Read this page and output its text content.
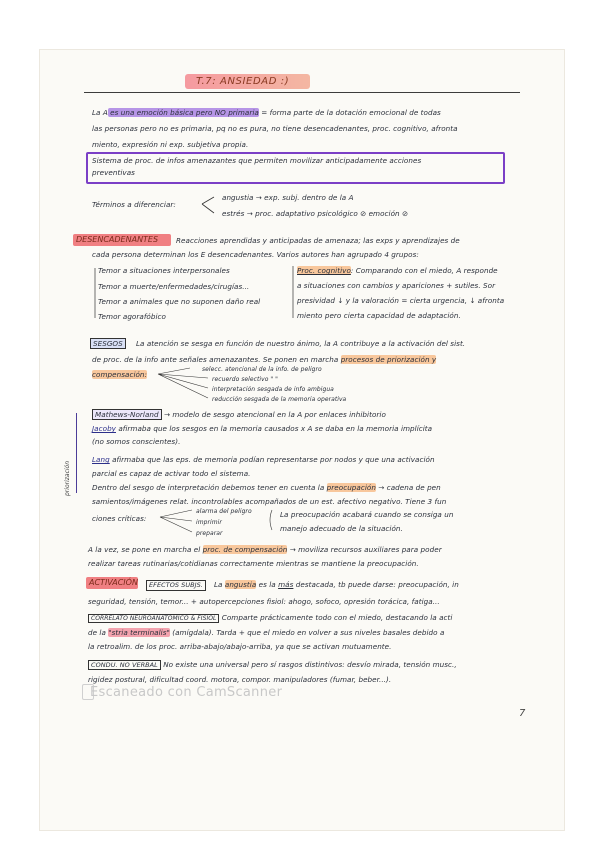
T.7: ANSIEDAD :)
La A es una emoción básica pero NO primaria = forma parte de la dotación emocional de todas
las personas pero no es primaria, pq no es pura, no tiene desencadenantes, proc. cognitivo, afronta
miento, expresión ni exp. subjetiva propia.
Sistema de proc. de infos amenazantes que permiten movilizar anticipadamente acciones
preventivas
Términos a diferenciar:
angustia → exp. subj. dentro de la A
estrés → proc. adaptativo psicológico ⊘ emoción ⊘
DESENCADENANTES Reacciones aprendidas y anticipadas de amenaza; las exps y aprendizajes de
cada persona determinan los E desencadenantes. Varios autores han agrupado 4 grupos:
Temor a situaciones interpersonales
Temor a muerte/enfermedades/cirugías...
Temor a animales que no suponen daño real
Temor agorafóbico
Proc. cognitivo: Comparando con el miedo, A responde
a situaciones con cambios y apariciones + sutiles. Sor
presividad ↓ y la valoración = cierta urgencia, ↓ afronta
miento pero cierta capacidad de adaptación.
SESGOS	La atención se sesga en función de nuestro ánimo, la A contribuye a la activación del sist.
de proc. de la info ante señales amenazantes. Se ponen en marcha procesos de priorización y
compensación:
selecc. atencional de la info. de peligro
recuerdo selectivo " "
interpretación sesgada de info ambigua
reducción sesgada de la memoria operativa
priorización
Mathews-Norland → modelo de sesgo atencional en la A por enlaces inhibitorio
Jacoby afirmaba que los sesgos en la memoria causados x A se daba en la memoria implícita
(no somos conscientes).
Lang afirmaba que las eps. de memoria podían representarse por nodos y que una activación
parcial es capaz de activar todo el sistema.
Dentro del sesgo de interpretación debemos tener en cuenta la preocupación → cadena de pen
samientos/imágenes relat. incontrolables acompañados de un est. afectivo negativo. Tiene 3 fun
ciones críticas:
alarma del peligro
imprimir
preparar
La preocupación acabará cuando se consiga un
manejo adecuado de la situación.
A la vez, se pone en marcha el proc. de compensación → moviliza recursos auxiliares para poder
realizar tareas rutinarias/cotidianas correctamente mientras se mantiene la preocupación.
ACTIVACIÓN	EFECTOS SUBJS.	La angustia es la más destacada, tb puede darse: preocupación, in
seguridad, tensión, temor... + autopercepciones fisiol: ahogo, sofoco, opresión torácica, fatiga...
CORRELATO NEUROANATÓMICO & FISIOL Comparte prácticamente todo con el miedo, destacando la acti
de la "stria terminalis" (amígdala). Tarda + que el miedo en volver a sus niveles basales debido a
la retroalim. de los proc. arriba-abajo/abajo-arriba, ya que se activan mutuamente.
CONDU. NO VERBAL No existe una universal pero sí rasgos distintivos: desvío mirada, tensión musc.,
rigidez postural, dificultad coord. motora, compor. manipuladores (fumar, beber...).
Escaneado con CamScanner
7
